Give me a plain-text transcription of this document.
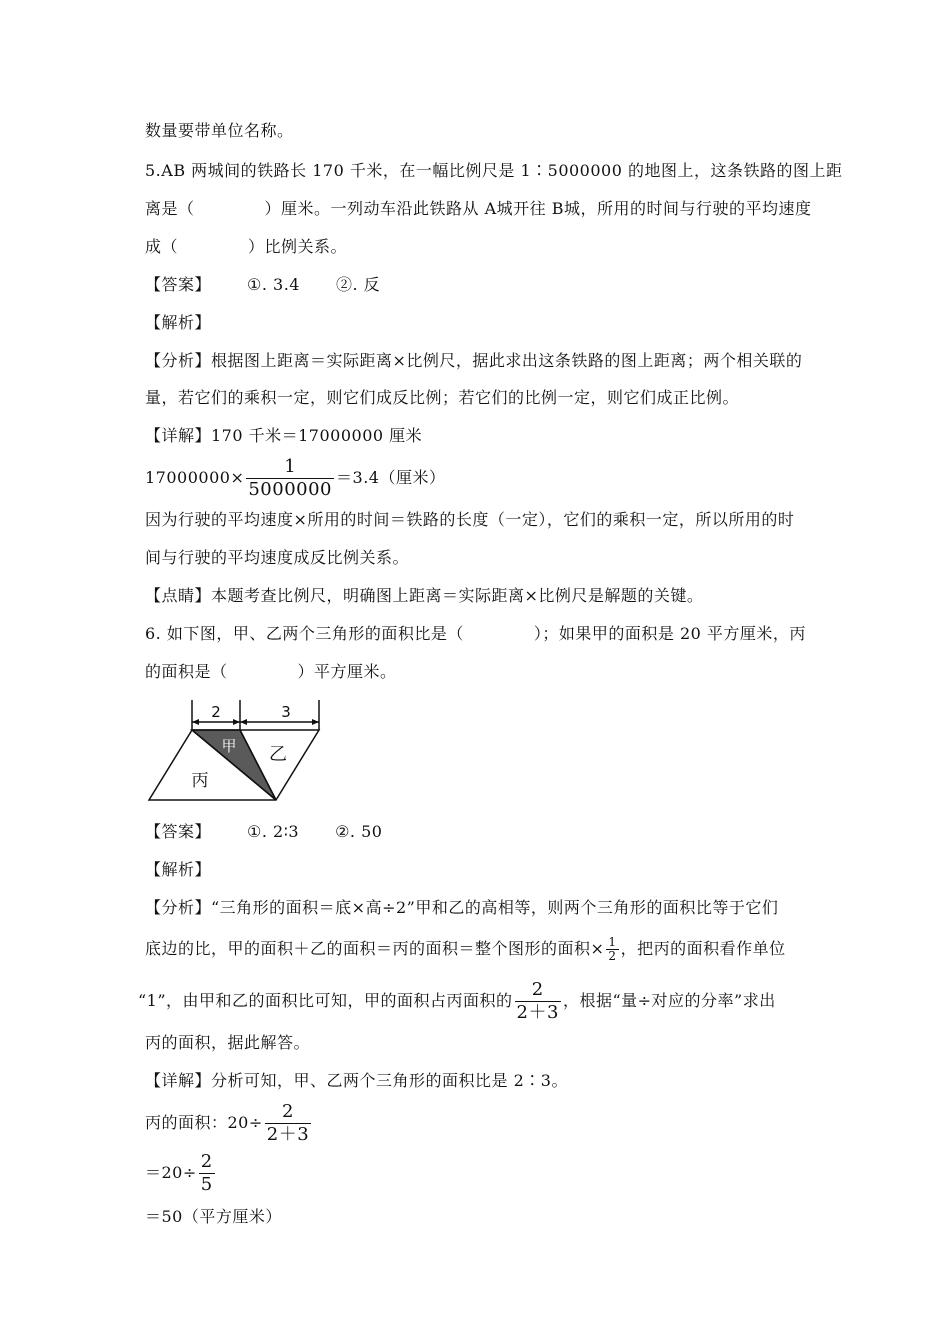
数量要带单位名称。
5.AB 两城间的铁路长 170 千米，在一幅比例尺是 1∶5000000 的地图上，这条铁路的图上距
离是（	）厘米。一列动车沿此铁路从 A城开往 B城，所用的时间与行驶的平均速度
成（	）比例关系。
【答案】 ①. 3.4 ②. 反
【解析】
【分析】根据图上距离＝实际距离×比例尺，据此求出这条铁路的图上距离；两个相关联的
量，若它们的乘积一定，则它们成反比例；若它们的比例一定，则它们成正比例。
【详解】170 千米＝17000000 厘米
$17000000\times \frac{1}{5000000} =3.4$（厘米）
因为行驶的平均速度×所用的时间＝铁路的长度（一定），它们的乘积一定，所以所用的时
间与行驶的平均速度成反比例关系。
【点睛】本题考查比例尺，明确图上距离＝实际距离×比例尺是解题的关键。
6. 如下图，甲、乙两个三角形的面积比是（	）；如果甲的面积是 20 平方厘米，丙
的面积是（	）平方厘米。
2	3
甲 乙
丙
【答案】 ①. 2∶3 ②. 50
【解析】
【分析】“三角形的面积＝底×高÷2”甲和乙的高相等，则两个三角形的面积比等于它们
底边的比，甲的面积＋乙的面积＝丙的面积＝整个图形的面积× $\frac{1}{2}$ ，把丙的面积看作单位
“1”，由甲和乙的面积比可知，甲的面积占丙面积的 $\frac{2}{2+3}$ ，根据“量÷对应的分率”求出
丙的面积，据此解答。
【详解】分析可知，甲、乙两个三角形的面积比是 2∶3。
丙的面积：$20\div \frac{2}{2+3}$
$=20\div \frac{2}{5}$
＝50（平方厘米）
